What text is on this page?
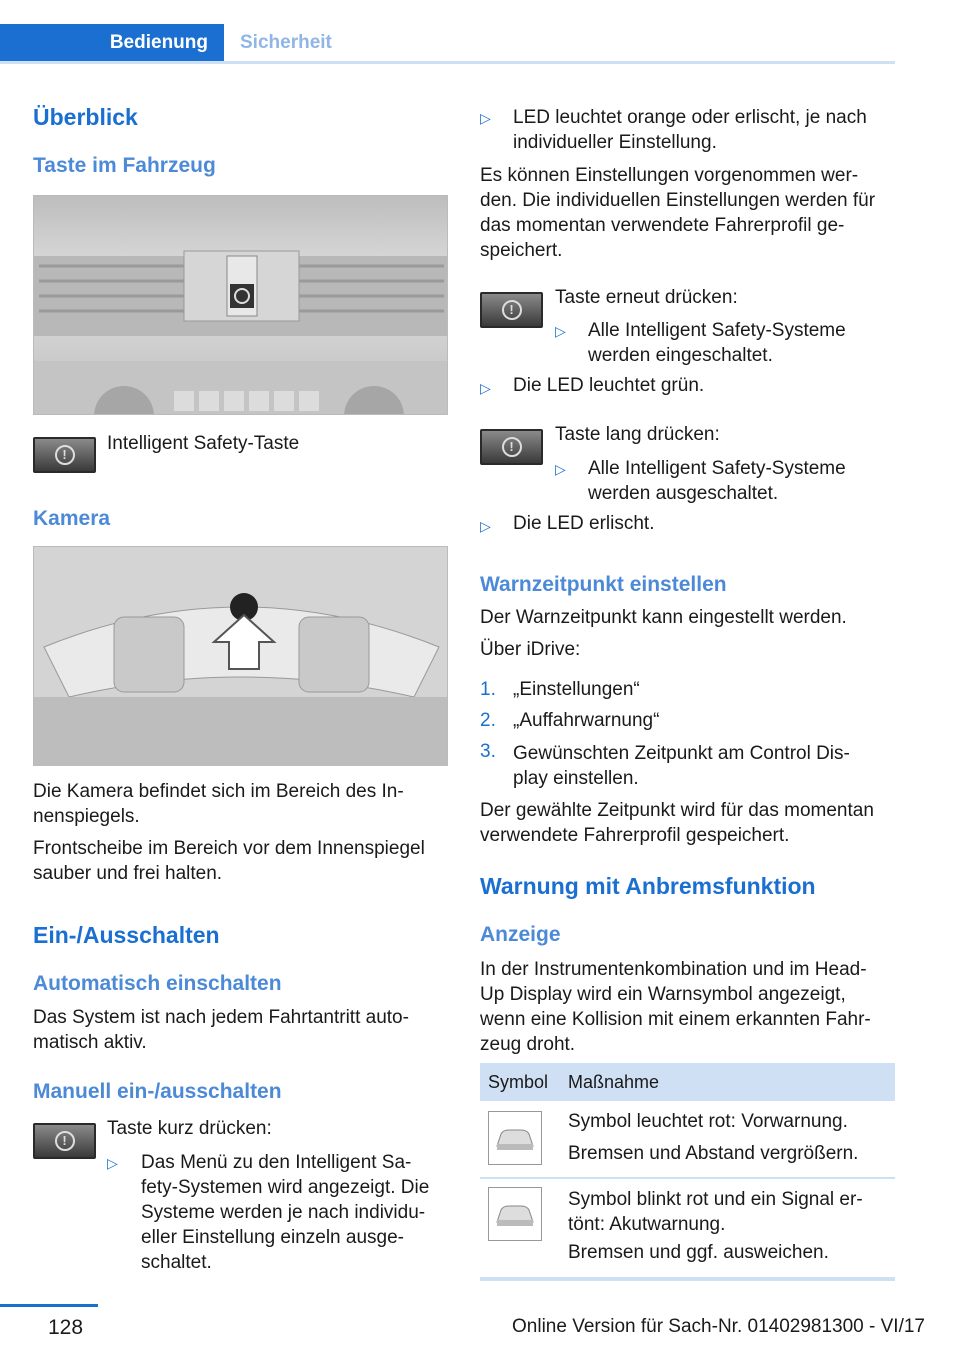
Bedienung	Sicherheit
Überblick
Taste im Fahrzeug
!

Intelligent Safety-Taste

Kamera

Die Kamera befindet sich im Bereich des In-
nenspiegels.

Frontscheibe im Bereich vor dem Innenspiegel sauber und frei halten.

Ein-/Ausschalten
Automatisch einschalten

Das System ist nach jedem Fahrtantritt auto-
matisch aktiv.

Manuell ein-/ausschalten
!

Taste kurz drücken:

▷ Das Menü zu den Intelligent Sa-
fety-Systemen wird angezeigt. Die Systeme werden je nach individu-
eller Einstellung einzeln ausge-
schaltet.

▷ LED leuchtet orange oder erlischt, je nach individueller Einstellung.

Es können Einstellungen vorgenommen wer-
den. Die individuellen Einstellungen werden für das momentan verwendete Fahrerprofil ge-
speichert.

!

Taste erneut drücken:

▷ Alle Intelligent Safety-Systeme werden eingeschaltet.

▷ Die LED leuchtet grün.

!

Taste lang drücken:

▷ Alle Intelligent Safety-Systeme werden ausgeschaltet.

▷ Die LED erlischt.

Warnzeitpunkt einstellen

Der Warnzeitpunkt kann eingestellt werden.

Über iDrive:

1. „Einstellungen“

2. „Auffahrwarnung“

3. Gewünschten Zeitpunkt am Control Dis-
play einstellen.

Der gewählte Zeitpunkt wird für das momentan verwendete Fahrerprofil gespeichert.

Warnung mit Anbremsfunktion
Anzeige

In der Instrumentenkombination und im Head-
Up Display wird ein Warnsymbol angezeigt, wenn eine Kollision mit einem erkannten Fahr-
zeug droht.

Symbol Maßnahme

Symbol leuchtet rot: Vorwarnung.

Bremsen und Abstand vergrößern.

Symbol blinkt rot und ein Signal er-
tönt: Akutwarnung.

Bremsen und ggf. ausweichen.

128	Online Version für Sach-Nr. 01402981300 - VI/17
